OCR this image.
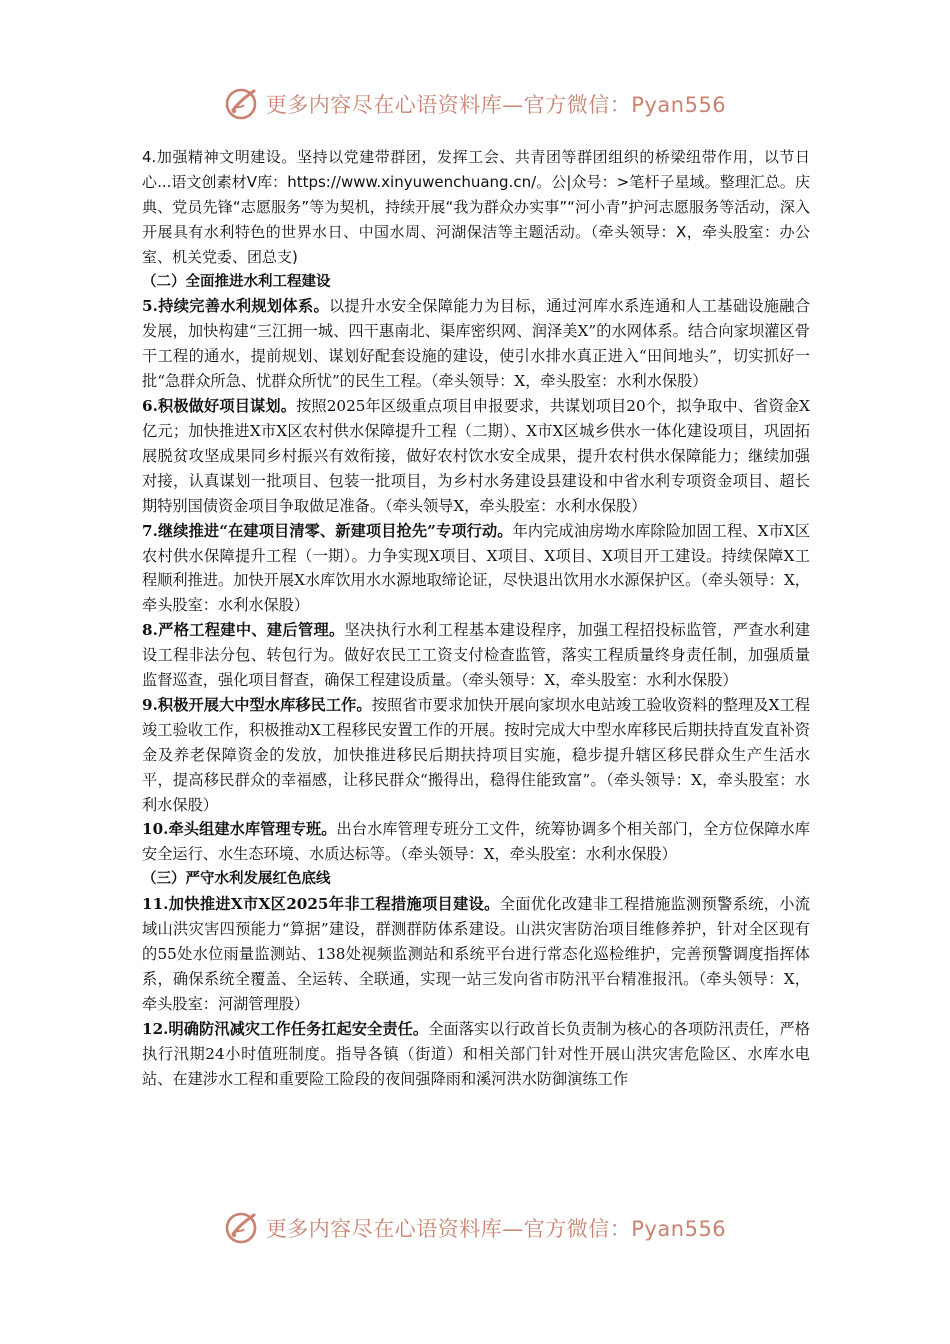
更多内容尽在心语资料库—官方微信：Pyan556

4.加强精神文明建设。坚持以党建带群团，发挥工会、共青团等群团组织的桥梁纽带作用，以节日心...语文创素材V库：https://www.xinyuwenchuang.cn/。公|众号：>笔杆子星域。整理汇总。庆典、党员先锋“志愿服务”等为契机，持续开展“我为群众办实事”“河小青”护河志愿服务等活动，深入开展具有水利特色的世界水日、中国水周、河湖保洁等主题活动。（牵头领导：X，牵头股室：办公室、机关党委、团总支)

（二）全面推进水利工程建设

5.持续完善水利规划体系。以提升水安全保障能力为目标，通过河库水系连通和人工基础设施融合发展，加快构建“三江拥一城、四干惠南北、渠库密织网、润泽美X”的水网体系。结合向家坝灌区骨干工程的通水，提前规划、谋划好配套设施的建设，使引水排水真正进入“田间地头”，切实抓好一批“急群众所急、忧群众所忧”的民生工程。（牵头领导：X，牵头股室：水利水保股）

6.积极做好项目谋划。按照2025年区级重点项目申报要求，共谋划项目20个，拟争取中、省资金X亿元；加快推进X市X区农村供水保障提升工程（二期）、X市X区城乡供水一体化建设项目，巩固拓展脱贫攻坚成果同乡村振兴有效衔接，做好农村饮水安全成果，提升农村供水保障能力；继续加强对接，认真谋划一批项目、包装一批项目，为乡村水务建设县建设和中省水利专项资金项目、超长期特别国债资金项目争取做足准备。（牵头领导X，牵头股室：水利水保股）

7.继续推进“在建项目清零、新建项目抢先”专项行动。年内完成油房坳水库除险加固工程、X市X区农村供水保障提升工程（一期）。力争实现X项目、X项目、X项目、X项目开工建设。持续保障X工程顺利推进。加快开展X水库饮用水水源地取缔论证，尽快退出饮用水水源保护区。（牵头领导：X，牵头股室：水利水保股）

8.严格工程建中、建后管理。坚决执行水利工程基本建设程序，加强工程招投标监管，严查水利建设工程非法分包、转包行为。做好农民工工资支付检查监管，落实工程质量终身责任制，加强质量监督巡查，强化项目督查，确保工程建设质量。（牵头领导：X，牵头股室：水利水保股）

9.积极开展大中型水库移民工作。按照省市要求加快开展向家坝水电站竣工验收资料的整理及X工程竣工验收工作，积极推动X工程移民安置工作的开展。按时完成大中型水库移民后期扶持直发直补资金及养老保障资金的发放，加快推进移民后期扶持项目实施，稳步提升辖区移民群众生产生活水平，提高移民群众的幸福感，让移民群众“搬得出，稳得住能致富”。（牵头领导：X，牵头股室：水利水保股）

10.牵头组建水库管理专班。出台水库管理专班分工文件，统筹协调多个相关部门，全方位保障水库安全运行、水生态环境、水质达标等。（牵头领导：X，牵头股室：水利水保股）

（三）严守水利发展红色底线

11.加快推进X市X区2025年非工程措施项目建设。全面优化改建非工程措施监测预警系统，小流域山洪灾害四预能力“算据”建设，群测群防体系建设。山洪灾害防治项目维修养护，针对全区现有的55处水位雨量监测站、138处视频监测站和系统平台进行常态化巡检维护，完善预警调度指挥体系，确保系统全覆盖、全运转、全联通，实现一站三发向省市防汛平台精准报汛。（牵头领导：X，牵头股室：河湖管理股）

12.明确防汛减灾工作任务扛起安全责任。全面落实以行政首长负责制为核心的各项防汛责任，严格执行汛期24小时值班制度。指导各镇（街道）和相关部门针对性开展山洪灾害危险区、水库水电站、在建涉水工程和重要险工险段的夜间强降雨和溪河洪水防御演练工作

更多内容尽在心语资料库—官方微信：Pyan556
